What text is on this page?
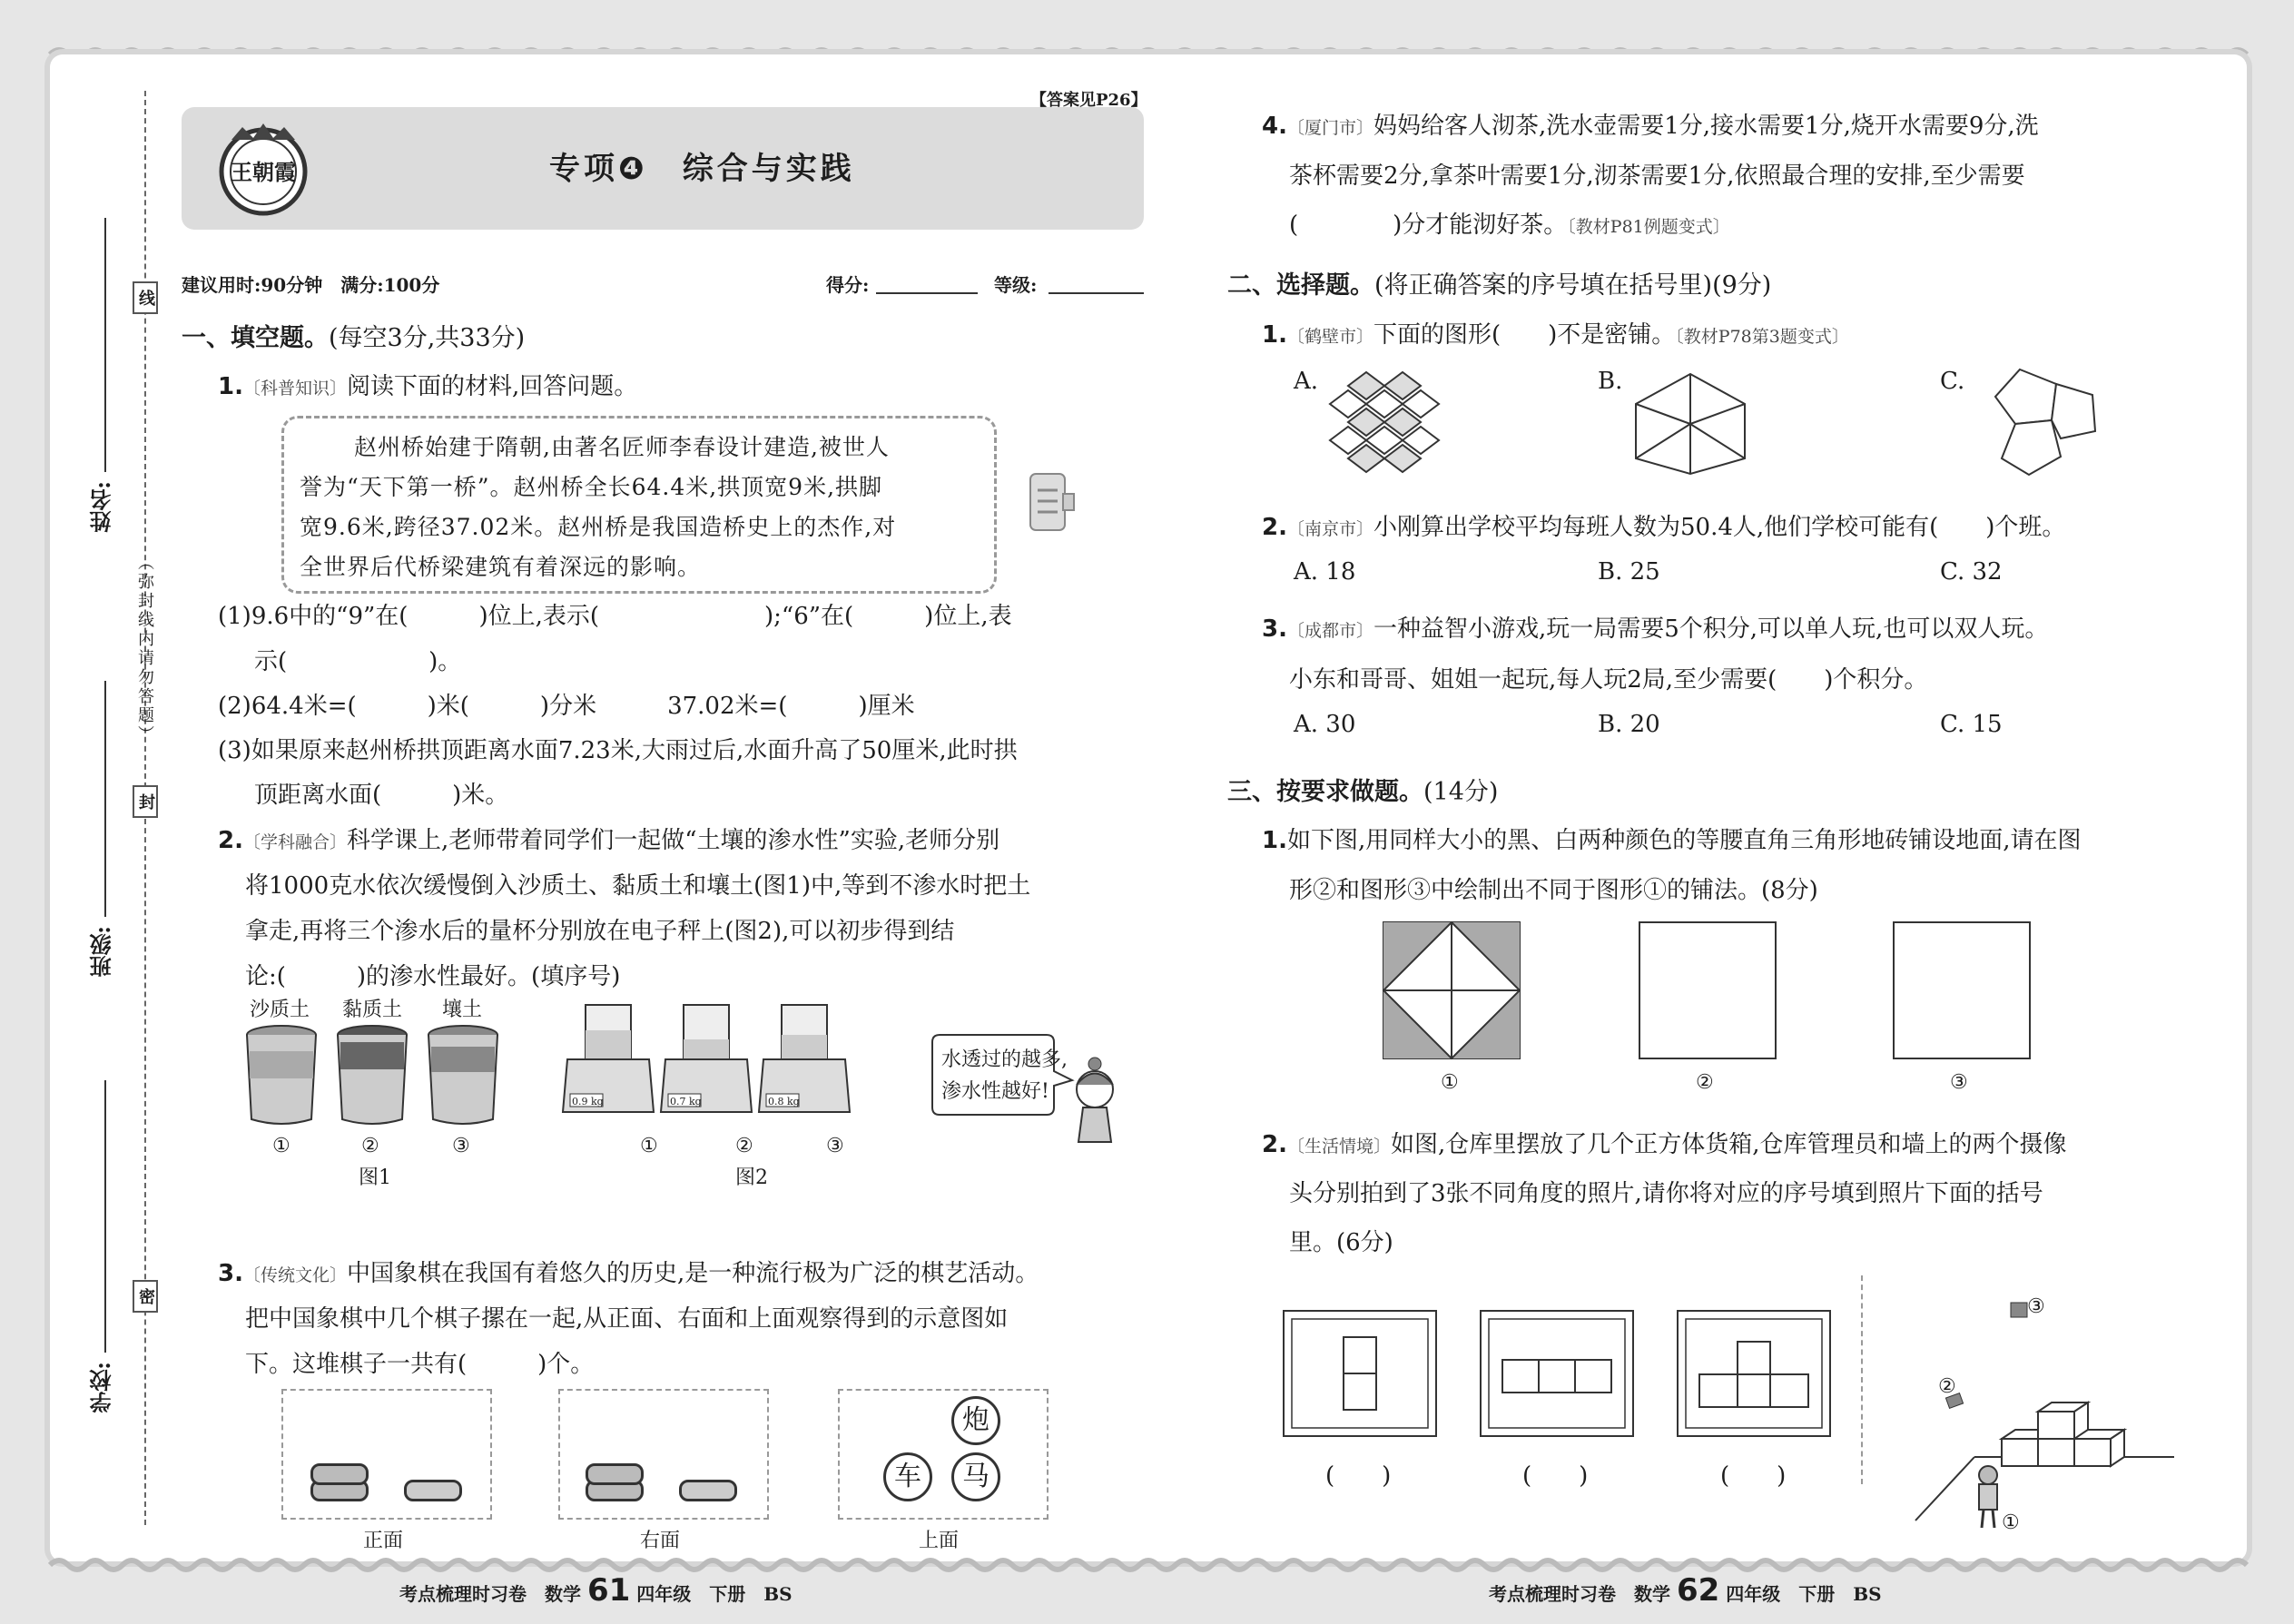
线
封
密
（弥封线内请勿答题）
姓名:
班级:
学校:
王朝霞
【答案见P26】
专项❹　综合与实践
建议用时:90分钟　满分:100分	得分:	等级:
一、填空题。(每空3分,共33分)
1.〔科普知识〕阅读下面的材料,回答问题。
赵州桥始建于隋朝,由著名匠师李春设计建造,被世人
誉为“天下第一桥”。赵州桥全长64.4米,拱顶宽9米,拱脚
宽9.6米,跨径37.02米。赵州桥是我国造桥史上的杰作,对
全世界后代桥梁建筑有着深远的影响。
(1)9.6中的“9”在(　　　)位上,表示(　　　　　　　);“6”在(　　　)位上,表
示(　　　　　　)。
(2)64.4米=(　　　)米(　　　)分米　　　37.02米=(　　　)厘米
(3)如果原来赵州桥拱顶距离水面7.23米,大雨过后,水面升高了50厘米,此时拱
顶距离水面(　　　)米。
2.〔学科融合〕科学课上,老师带着同学们一起做“土壤的渗水性”实验,老师分别
将1000克水依次缓慢倒入沙质土、黏质土和壤土(图1)中,等到不渗水时把土
拿走,再将三个渗水后的量杯分别放在电子秤上(图2),可以初步得到结
论:(　　　)的渗水性最好。(填序号)
沙质土 黏质土 壤土
①	②	③
图1
0.9 kg	0.7 kg	0.8 kg
①	②	③
图2
水透过的越多,
渗水性越好!
3.〔传统文化〕中国象棋在我国有着悠久的历史,是一种流行极为广泛的棋艺活动。
把中国象棋中几个棋子摞在一起,从正面、右面和上面观察得到的示意图如
下。这堆棋子一共有(　　　)个。
正面	右面
炮
车	马
上面
考点梳理时习卷　数学 61 四年级　下册　BS
4.〔厦门市〕妈妈给客人沏茶,洗水壶需要1分,接水需要1分,烧开水需要9分,洗
茶杯需要2分,拿茶叶需要1分,沏茶需要1分,依照最合理的安排,至少需要
(　　　　)分才能沏好茶。〔教材P81例题变式〕
二、选择题。(将正确答案的序号填在括号里)(9分)
1.〔鹤壁市〕下面的图形(　　)不是密铺。〔教材P78第3题变式〕
A.	B.	C.
2.〔南京市〕小刚算出学校平均每班人数为50.4人,他们学校可能有(　　)个班。
A. 18	B. 25	C. 32
3.〔成都市〕一种益智小游戏,玩一局需要5个积分,可以单人玩,也可以双人玩。
小东和哥哥、姐姐一起玩,每人玩2局,至少需要(　　)个积分。
A. 30	B. 20	C. 15
三、按要求做题。(14分)
1.如下图,用同样大小的黑、白两种颜色的等腰直角三角形地砖铺设地面,请在图
形②和图形③中绘制出不同于图形①的铺法。(8分)
①	②	③
2.〔生活情境〕如图,仓库里摆放了几个正方体货箱,仓库管理员和墙上的两个摄像
头分别拍到了3张不同角度的照片,请你将对应的序号填到照片下面的括号
里。(6分)
(　　)	(　　)	(　　)
③
②
①
考点梳理时习卷　数学 62 四年级　下册　BS
